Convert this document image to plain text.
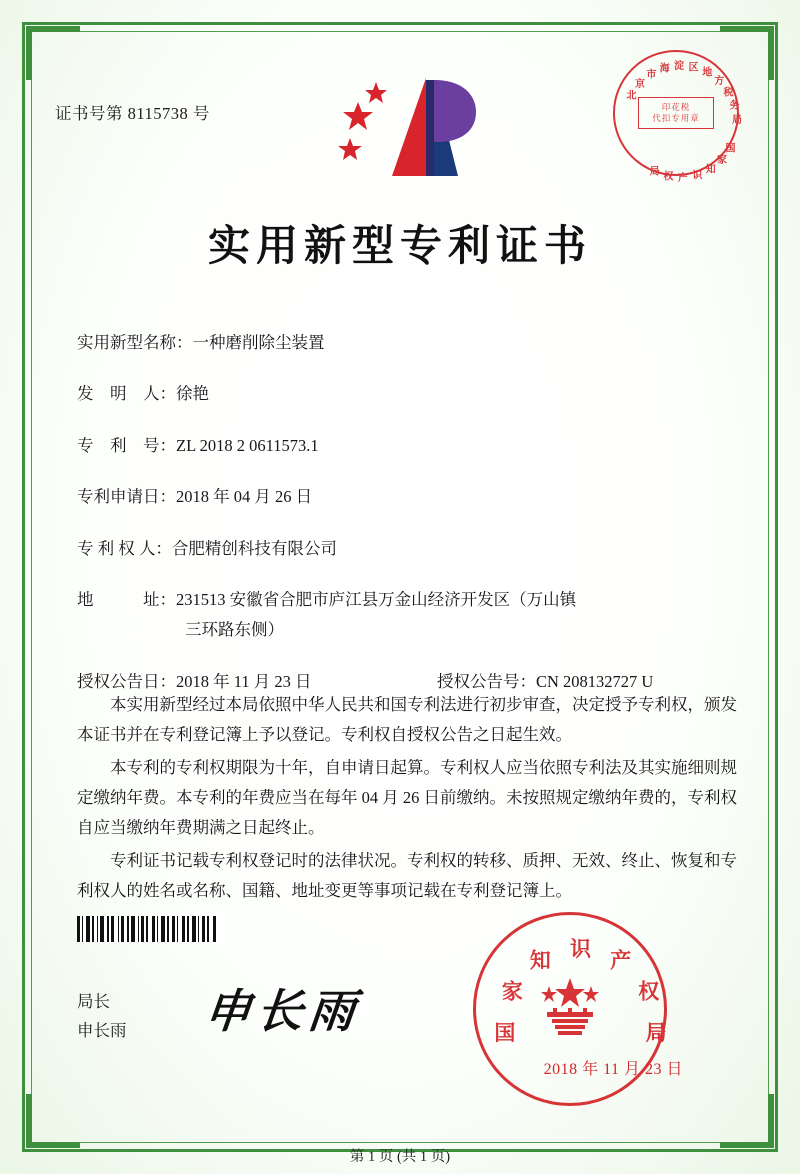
证书号第 8115738 号
北
京
市
海 淀 区 地
方
税
务
局
国
家
知
识
产
权
局
印花税
代扣专用章
实用新型专利证书
实用新型名称：一种磨削除尘装置
发　明　人：徐艳
专　利　号：ZL 2018 2 0611573.1
专利申请日：2018 年 04 月 26 日
专 利 权 人：合肥精创科技有限公司
地　　　址：231513 安徽省合肥市庐江县万金山经济开发区（万山镇
三环路东侧）
授权公告日：2018 年 11 月 23 日	授权公告号：CN 208132727 U

本实用新型经过本局依照中华人民共和国专利法进行初步审查，决定授予专利权，颁发本证书并在专利登记簿上予以登记。专利权自授权公告之日起生效。

本专利的专利权期限为十年，自申请日起算。专利权人应当依照专利法及其实施细则规定缴纳年费。本专利的年费应当在每年 04 月 26 日前缴纳。未按照规定缴纳年费的，专利权自应当缴纳年费期满之日起终止。

专利证书记载专利权登记时的法律状况。专利权的转移、质押、无效、终止、恢复和专利权人的姓名或名称、国籍、地址变更等事项记载在专利登记簿上。

局长
申长雨 申长雨	国
家
知 识 产
权
局
2018 年 11 月 23 日
第 1 页 (共 1 页)
